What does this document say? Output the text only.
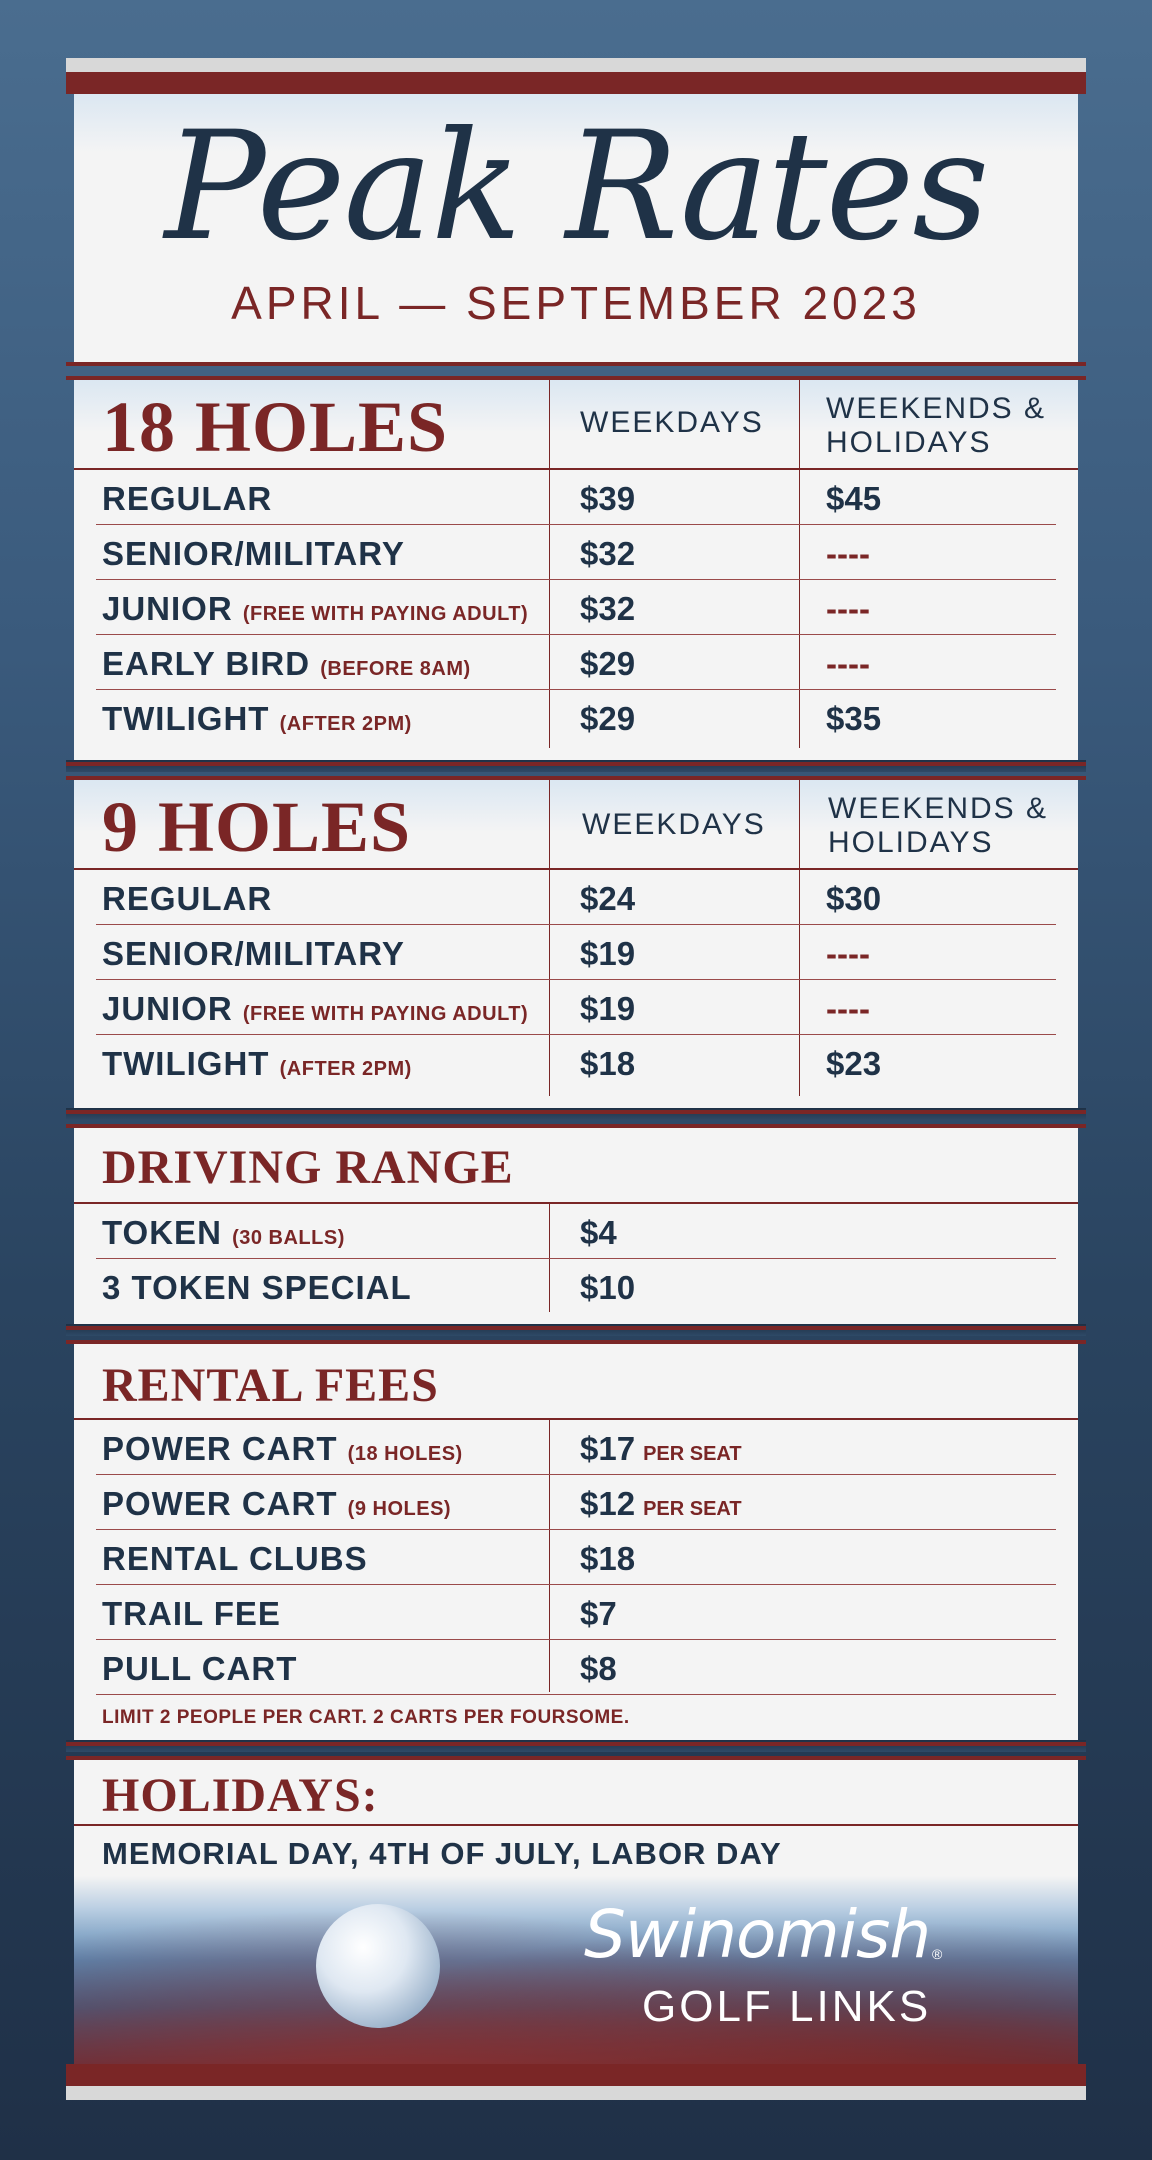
Peak Rates
APRIL — SEPTEMBER 2023
18 HOLES	WEEKDAYS WEEKENDS &
HOLIDAYS
REGULAR	$39	$45
SENIOR/MILITARY	$32	----
JUNIOR (FREE WITH PAYING ADULT) $32	----
EARLY BIRD (BEFORE 8AM)	$29	----
TWILIGHT (AFTER 2PM)	$29	$35
9 HOLES	WEEKDAYS WEEKENDS &
HOLIDAYS
REGULAR	$24	$30
SENIOR/MILITARY	$19	----
JUNIOR (FREE WITH PAYING ADULT) $19	----
TWILIGHT (AFTER 2PM)	$18	$23
DRIVING RANGE
TOKEN (30 BALLS)	$4
3 TOKEN SPECIAL	$10
RENTAL FEES
POWER CART (18 HOLES)	$17 PER SEAT
POWER CART (9 HOLES)	$12 PER SEAT
RENTAL CLUBS	$18
TRAIL FEE	$7
PULL CART	$8
LIMIT 2 PEOPLE PER CART. 2 CARTS PER FOURSOME.
HOLIDAYS:
MEMORIAL DAY, 4TH OF JULY, LABOR DAY
Swinomish ®
GOLF LINKS
